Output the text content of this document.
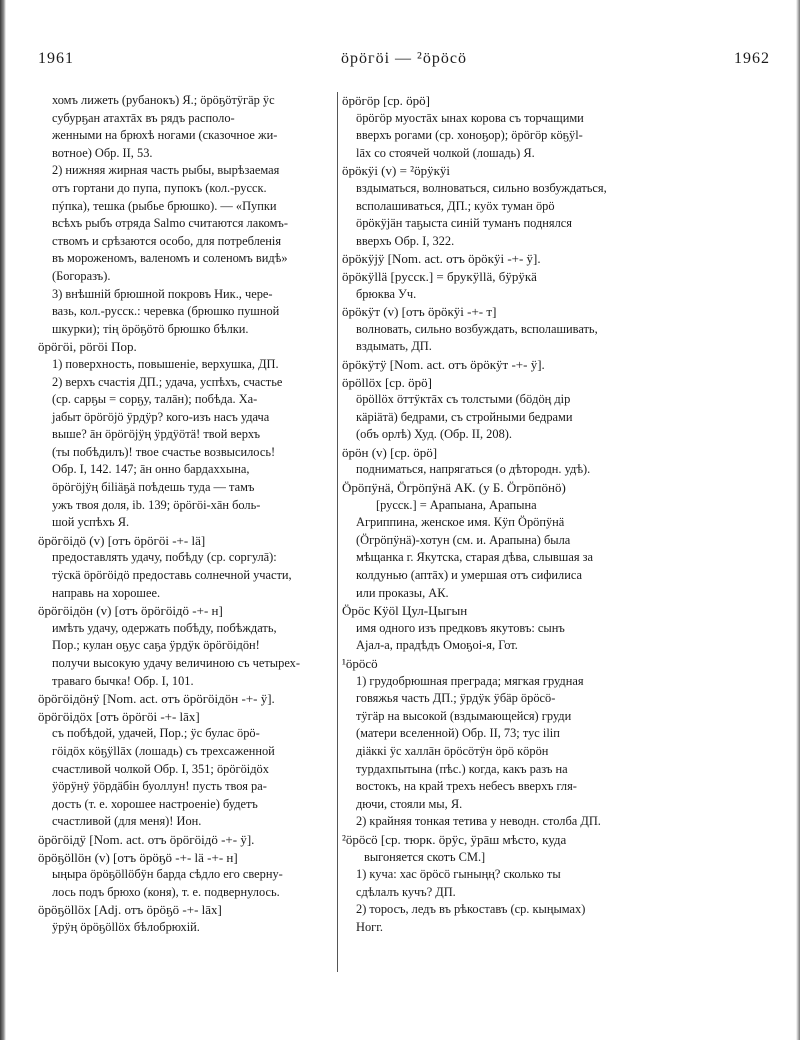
1961	öрöгöi — ²öрöсö	1962
хомъ лижеть (рубанокъ) Я.; öрöҕöтÿгäр ÿс
субурҕан атахтāх въ рядъ располо-
женными на брюхѣ ногами (сказочное жи-
вотное) Обр. II, 53.
2) нижняя жирная часть рыбы, вырѣзаемая
отъ гортани до пупа, пупокъ (кол.-русск.
пýпка), тешка (рыбье брюшко). — «Пупки
всѣхъ рыбъ отряда Salmo считаются лакомъ-
ствомъ и срѣзаются особо, для потребленія
въ мороженомъ, валеномъ и соленомъ видѣ»
(Богоразъ).
3) внѣшній брюшной покровъ Ник., чере-
вазь, кол.-русск.: черевка (брюшко пушной
шкурки); тiң öрöҕöтö брюшко бѣлки.
öрöгöi, рöгöi Пор.
1) поверхность, повышеніе, верхушка, ДП.
2) верхъ счастія ДП.; удача, успѣхъ, счастье
(ср. сарҕы = сорҕу, талāн); побѣда. Ха-
jабыт öрöгöjö ÿрдÿр? кого-изъ насъ удача
выше? āн öрöгöjÿң ÿрдÿöтä! твой верхъ
(ты побѣдилъ)! твое счастье возвысилось!
Обр. I, 142. 147; āн онно бардаххына,
öрöгöjÿң бiliäҕä поѣдешь туда — тамъ
ужъ твоя доля, ib. 139; öрöгöi-хāн боль-
шой успѣхъ Я.
öрöгöiдö (v) [отъ öрöгöi -+- lä]
предоставлять удачу, побѣду (ср. соргулā):
тÿскä öрöгöiдö предоставь солнечной участи,
направь на хорошее.
öрöгöiдöн (v) [отъ öрöгöiдö -+- н]
имѣть удачу, одержать побѣду, побѣждать,
Пор.; кулан оҕус саҕа ÿрдÿк öрöгöiдöн!
получи высокую удачу величиною съ четырех-
траваго бычка! Обр. I, 101.
öрöгöiдöнÿ [Nom. act. отъ öрöгöiдöн -+- ÿ].
öрöгöiдöх [отъ öрöгöi -+- lāх]
съ побѣдой, удачей, Пор.; ÿс булас öрö-
гöiдöх кöҕÿllāх (лошадь) съ трехсаженной
счастливой чолкой Обр. I, 351; öрöгöiдöх
ÿöрÿнÿ ÿöрдäбiн буоллун! пусть твоя ра-
дость (т. е. хорошее настроеніе) будетъ
счастливой (для меня)! Ион.
öрöгöiдÿ [Nom. act. отъ öрöгöiдö -+- ÿ].
öрöҕöllöн (v) [отъ öрöҕö -+- lä -+- н]
ыңыра öрöҕöllöбÿн барда сѣдло его сверну-
лось подъ брюхо (коня), т. е. подвернулось.
öрöҕöllöх [Adj. отъ öрöҕö -+- lāх]
ÿрÿң öрöҕöllöх бѣлобрюхій.
öрöгöр [ср. öрö]
öрöгöр муостāх ынах корова съ торчащими
вверхъ рогами (ср. хоноҕор); öрöгöр кöҕÿl-
lāх со стоячей чолкой (лошадь) Я.
öрöкÿi (v) = ²öрÿкÿi
вздыматься, волноваться, сильно возбуждаться,
всполашиваться, ДП.; куöх туман öрö
öрöкÿjäн таҕыста синiй туманъ поднялся
вверхъ Обр. I, 322.
öрöкÿjÿ [Nom. act. отъ öрöкÿi -+- ÿ].
öрöкÿllä [русск.] = брукÿllä, бÿрÿкä
брюква Уч.
öрöкÿт (v) [отъ öрöкÿi -+- т]
волновать, сильно возбуждать, всполашивать,
вздымать, ДП.
öрöкÿтÿ [Nom. act. отъ öрöкÿт -+- ÿ].
öрöllöх [ср. öрö]
öрöllöх öттÿктāх съ толстыми (бöдöң дiр
кäрiäтä) бедрами, съ стройными бедрами
(объ орлѣ) Худ. (Обр. II, 208).
öрöн (v) [ср. öрö]
подниматься, напрягаться (о дѣтородн. удѣ).
Öрöпÿнä, Öгрöпÿнä АК. (у Б. Öгрöпöнö)
[русск.] = Арапыана, Арапына
Агриппина, женское имя. Кÿп Öрöпÿнä
(Öгрöпÿнä)-хотун (см. и. Арапына) была
мѣщанка г. Якутска, старая дѣва, слывшая за
колдунью (аптāх) и умершая отъ сифилиса
или проказы, АК.
Öрöс Кÿöl Цул-Цыгын
имя одного изъ предковъ якутовъ: сынъ
Аjал-а, прадѣдъ Омоҕоi-я, Гот.
¹öрöсö
1) грудобрюшная преграда; мягкая грудная
говяжья часть ДП.; ÿрдÿк ÿбäр öрöсö-
тÿгäр на высокой (вздымающейся) груди
(матери вселенной) Обр. II, 73; тус iliп
дiäккi ÿс халлāн öрöсöтÿн öрö кöрöн
турдахпытына (пѣс.) когда, какъ разъ на
востокъ, на край трехъ небесъ вверхъ гля-
дючи, стояли мы, Я.
2) крайняя тонкая тетива у неводн. столба ДП.
²öрöсö [ср. тюрк. öрÿс, ÿрāш мѣсто, куда
выгоняется скотъ СМ.]
1) куча: хас öрöсö гыныңң? сколько ты
сдѣлалъ кучъ? ДП.
2) торосъ, ледъ въ рѣкоставъ (ср. кыңымах)
Ногг.
